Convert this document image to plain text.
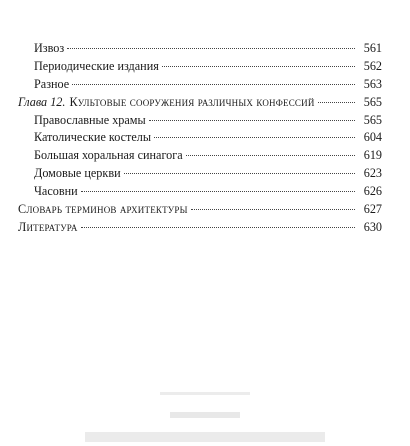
Извоз	561
Периодические издания	562
Разное	563
Глава 12. Культовые сооружения различных конфессий	565
Православные храмы	565
Католические костелы	604
Большая хоральная синагога	619
Домовые церкви	623
Часовни	626
Словарь терминов архитектуры	627
Литература	630
